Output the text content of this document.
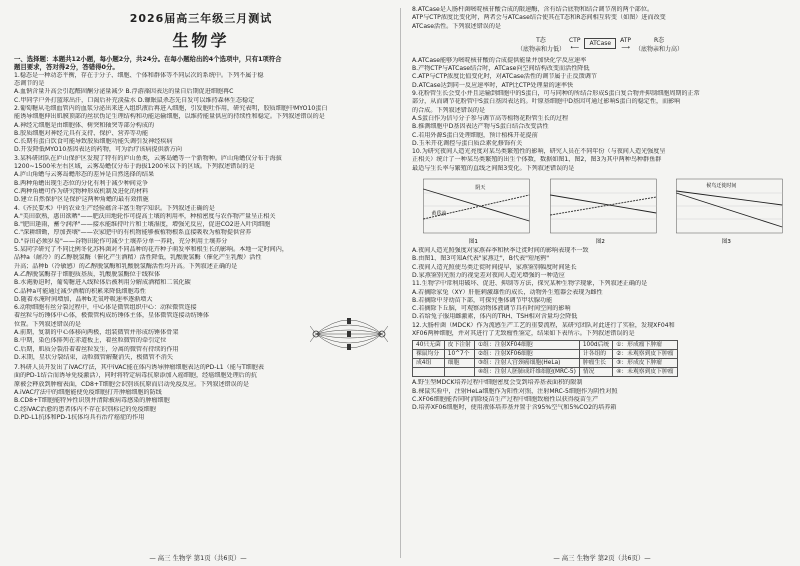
2026届高三年级三月测试

生物学

一、选择题：本题共12小题，每小题2分，共24分。在每小题给出的4个选项中，只有1项符合

题目要求，答对得2分，答错得0分。

1.稳态是一种动态平衡，存在于分子、细胞、个体和群体等不同层次的系统中。下列不属于稳

态调节的是

A.血钠含量升高会引起醛固酮分泌量减少 B.浮游藻因表达的量自后期促进细胞再C

C.甲同学户外打篮球出汗，口渴后补充淡盐水 D.镰眠鼠杀态先自发可以维持森林生态稳定

2.葡萄糖从毛细血管内的血浆分泌出来进入组织液后再进入细胞，引发胞吐作用，研究表明，胶质细胞中MYO10蛋白

能诱导细胞伸出肌膜顶部的丝状伪足生理结构和功能运输细胞，以维持能量供应的持续性和稳定。下列叙述错误的是

A.神经元细胞是由细胞体、树突和轴突等部分构成的

B.胶质细胞对神经元具有支持、保护、营养等功能

C.长期有蛋白饮食可能导致胶质细胞功能失调引发神经疾病

D.开发降低MYO10基因表达的药物，可为治疗该病提供新方向

3.某科研团队在庐山保护区发现了特有的庐山鱼类，云雾岛蟾等一个新物种。庐山角蟾仅分布于海拔

1200~1500米左右区域，云雾岛蟾仅分布于海拔1200米以下的区域。下列叙述错误的是

A.庐山角蟾与云雾岛蟾形态的差异是自然选择的结果

B.两种角蟾出现生态位的分化有利于减少种间竞争

C.两种角蟾可作为研究物种形成机制及进化的材料

D.建立自然保护区是保护这两种角蟾的最有效措施

4.《齐民要术》中的农业生产经验蕴含丰富生物学知识。下列叙述正确的是

A."美田欲熟，惠田欲晒"——肥沃田地轮作可提高土壤的利用率，种植密度与农作物产量呈正相关

B."肥田逢雨，蓄令润泽"——接水能维持叶片和土壤湿度，增强光反应，促进CO2进入叶肉细胞

C."深耕细锄，厚加粪壤"——农家肥中的有机物能够被植物根系直接吸收为植物提供营养

D."谷田必须岁易"——谷物田轮作可减少土壤养分单一养耗，充分利用土壤养分

5.某同学研究了不同比例冬化苏科菌对不同品种的花卉种子萌发率和根生长的影响。本地一定时间内，

品种a（耐冷）的乙醇脱氢酶（催化产生酒精）活性降低，乳酸脱氢酶（催化产生乳酸）活性

升高；品种b（冷敏感）的乙醇脱氢酶和乳酸脱氢酶活性均升高。下列叙述正确的是

A.乙醇脱氢酶存于细胞质基质，乳酸脱氢酶位于线粒体

B.水淹胁迫时，葡萄糖进入线粒体后被利用分解成酒精和二氧化碳

C.品种a可能通过减少酒精的积累来降低细胞毒性

D.随着水淹时间增加，品种b无氧呼吸速率逐渐增大

6.动物细胞有丝分裂过程中，中心体是微管组织中心：动粒微管连接

着丝粒与纺锤体中心体，极微管构成纺锤体主体，星体微管连接动纺锤体

位置。下列叙述错误的是

A.前期，复制的中心体移向两极，组装微管并形成纺锤体骨架

B.中期，染色体排列在赤道板上，着丝粒微管的牵引定位

C.后期，肌质分裂沿着着丝粒发生，分离的微管有持续的作用

D.末期，星状分裂结束，动粒微管解聚消失，极微管不消失

7.科研人员开发出了iVAC疗法，其中iVAC能在体内诱导肿瘤细胞表达的PD-L1（能与T细胞表

面的PD-1结合而诱导免疫激活），同时将特定病毒抗原添加入癌细胞，经癌细胞处理后的抗

原被会释放到肿瘤表面，CD8+T细胞会识别该抗原而启动免疫反应。下列叙述错误的是

A.iVAC疗法中的细胞能使免疫细胞打开肿瘤细胞的防线

B.CD8+T细胞能特异性识别并清除被病毒感染的肿瘤细胞

C.经iVAC治愈的患者体内不存在识别标记的免疫细胞

D.PD-L1抗体和PD-1抗体均具有治疗癌症的作用

— 高三 生物学 第1页（共6页）—

8.ATCase是人肠杆菌嘧啶核苷酸合成的限速酶，含有结合底物和结合调节剂的两个部位。

ATP与CTP浓度比变化时，两者会与ATCase结合使其在T态和R态间相互转变（如图）进而改变

ATCase活性。下列叙述错误的是

T态
（底物亲和力低）
CTP
⟵	ATCase	ATP
⟶
R态
（底物亲和力高）

A.ATCase能够为嘧啶核苷酸的合成提供能量并加快化学反应速率

B.产物CTP与ATCase结合时，ATCase向空间结构改变而活性降低

C.ATP与CTP浓度比值变化时，对ATCase活性的调节属于正反馈调节

D.ATCase达到同一反应速率时，ATP比CTP处理量的速率快

9.花粉管生长会变小并且运输到细胞中的S蛋白，可与同种的所结合形成S蛋白复合物并抑制细胞周期的正常

部分，从而调节花粉管中S蛋白基因表达的。叶原基细胞中D基因可通过影响S蛋白的稳定性，而影响

的合成。下列叙述错误的是

A.S蛋白作为信号分子参与调节高等植物花粉管生长的过程

B.推测细胞中D基因表达产物与S蛋白结合改变活性

C.若用外源S蛋白处理细胞，预计植株开花提前

D.玉米开花调控与蛋白质泛素化修饰有关

10.为研究夜间人造光亮度对某鸟类繁殖性的影响，研究人员在不同年份（与夜间人造光强度呈

正相关）统计了一种某鸟类繁殖的出生个体数，数据如图1、图2，图3为其中两种鸟种群鱼群

最适与生长率与繁殖的直线之间图3变化。下列叙述错误的是

阴天
黄昏前
图1	图2
候鸟迁徙时间
图3

A.夜间人造光照强度对家燕春季和秋季迁徙时间的影响表现不一致

B.由图1、图3可知A代表"家燕迁"，B代表"短尾鸦"

C.夜间人造光照使鸟类迁徙时间提早，家燕鉴别幅度时间延长

D.家燕鉴别光照力的视觉差对夜间人造光增强的一种适应

11.生物学中常利用破坏、促进、抑制等方法，探究某种生物学现象，下列叙述正确的是

A.若摘除家兔（XY）肝脏刺激雄性的成长，动物外生殖器会表现为雌性

B.若摘除中芽幼苗下部，可探究垂体调节甲状腺功能

C.若摘除下丘脑，可观察动物体液调节具有时间空间的影响

D.若给兔子服用雌激素，体内的TRH、TSH相对含量均会降低

12.大肠杆菌（MDCK）作为流感生产工艺的重要流程，某研究团队对此进行了实验，发现XF04和

XF06两种细胞，并对其进行了无致瘤性鉴定，结果如下表所示。下列叙述错误的是

40只无菌	皮下注射	①组：注射XF04细胞	100d后统	①：形成瘤下肿瘤
裸鼠均分	10^7个	②组：注射XF06细胞	计各组的	②：未观察到皮下肿瘤
成4组	细胞	③组：注射人宫颈癌细胞(HeLa)	肿瘤生长	③：形成皮下肿瘤
		④组：注射人胚肺成纤维细胞(MRC-5)	情况	④：未观察到皮下肿瘤

A.野生型MDCK培养过程中细胞密度会受到培养基表面积的限制

B.裸鼠实验中，注射HeLa细胞作为阳性对照，注射MRC-5细胞作为阴性对照

C.XF06细胞能否同时消除疫苗生产过程中细胞致瘤性以获得疫苗生产

D.培养XF06细胞时，使用液体培养基并置于含95%空气和5%CO2的培养箱

— 高三 生物学 第2页（共6页）—
